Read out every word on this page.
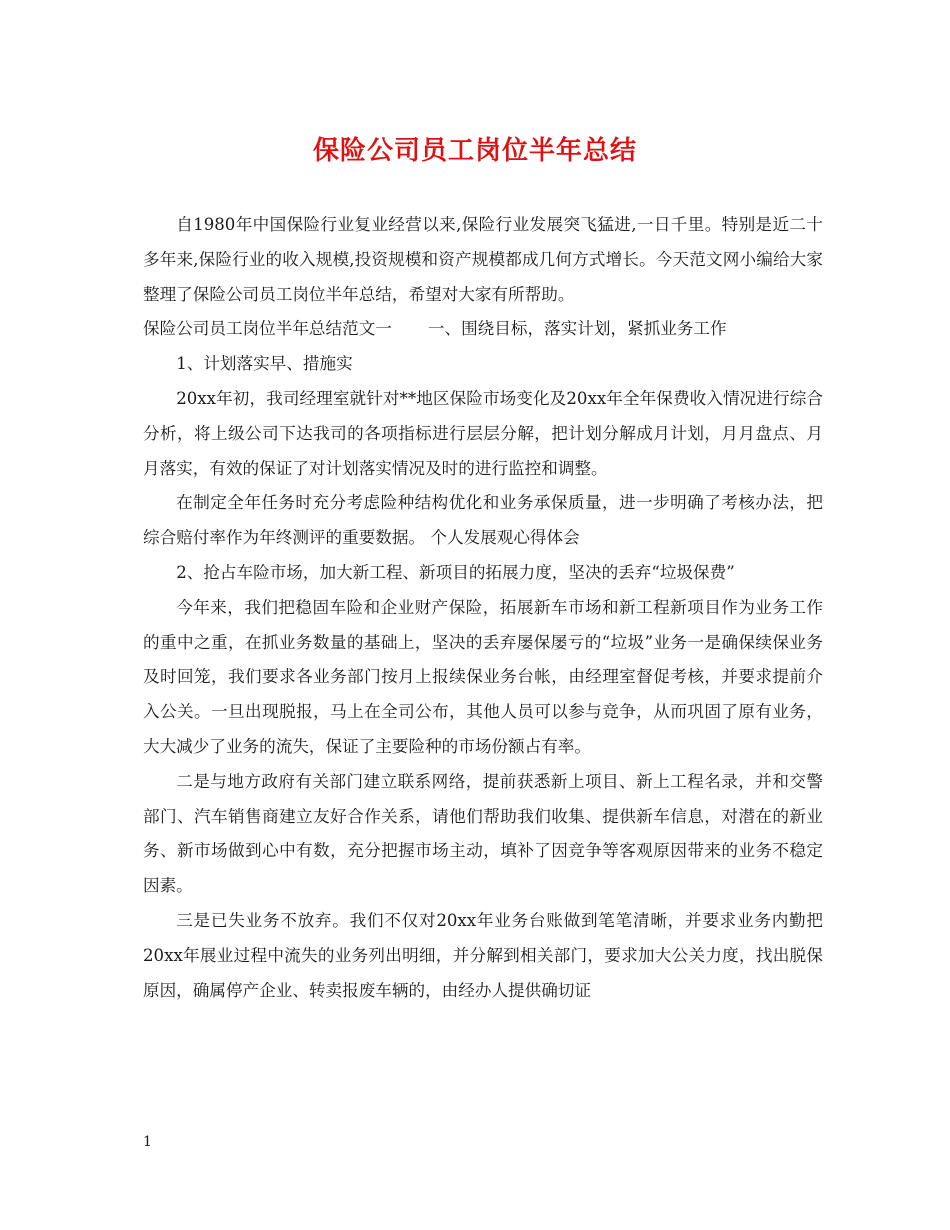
保险公司员工岗位半年总结

自1980年中国保险行业复业经营以来,保险行业发展突飞猛进,一日千里。特别是近二十多年来,保险行业的收入规模,投资规模和资产规模都成几何方式增长。今天范文网小编给大家整理了保险公司员工岗位半年总结，希望对大家有所帮助。

保险公司员工岗位半年总结范文一 一、围绕目标，落实计划，紧抓业务工作

1、计划落实早、措施实

20xx年初，我司经理室就针对**地区保险市场变化及20xx年全年保费收入情况进行综合分析，将上级公司下达我司的各项指标进行层层分解，把计划分解成月计划，月月盘点、月月落实，有效的保证了对计划落实情况及时的进行监控和调整。

在制定全年任务时充分考虑险种结构优化和业务承保质量，进一步明确了考核办法，把综合赔付率作为年终测评的重要数据。 个人发展观心得体会

2、抢占车险市场，加大新工程、新项目的拓展力度，坚决的丢弃“垃圾保费”

今年来，我们把稳固车险和企业财产保险，拓展新车市场和新工程新项目作为业务工作的重中之重，在抓业务数量的基础上，坚决的丢弃屡保屡亏的“垃圾”业务一是确保续保业务及时回笼，我们要求各业务部门按月上报续保业务台帐，由经理室督促考核，并要求提前介入公关。一旦出现脱报，马上在全司公布，其他人员可以参与竞争，从而巩固了原有业务，大大减少了业务的流失，保证了主要险种的市场份额占有率。

二是与地方政府有关部门建立联系网络，提前获悉新上项目、新上工程名录，并和交警部门、汽车销售商建立友好合作关系，请他们帮助我们收集、提供新车信息，对潜在的新业务、新市场做到心中有数，充分把握市场主动，填补了因竞争等客观原因带来的业务不稳定因素。

三是已失业务不放弃。我们不仅对20xx年业务台账做到笔笔清晰，并要求业务内勤把20xx年展业过程中流失的业务列出明细，并分解到相关部门，要求加大公关力度，找出脱保原因，确属停产企业、转卖报废车辆的，由经办人提供确切证

1
